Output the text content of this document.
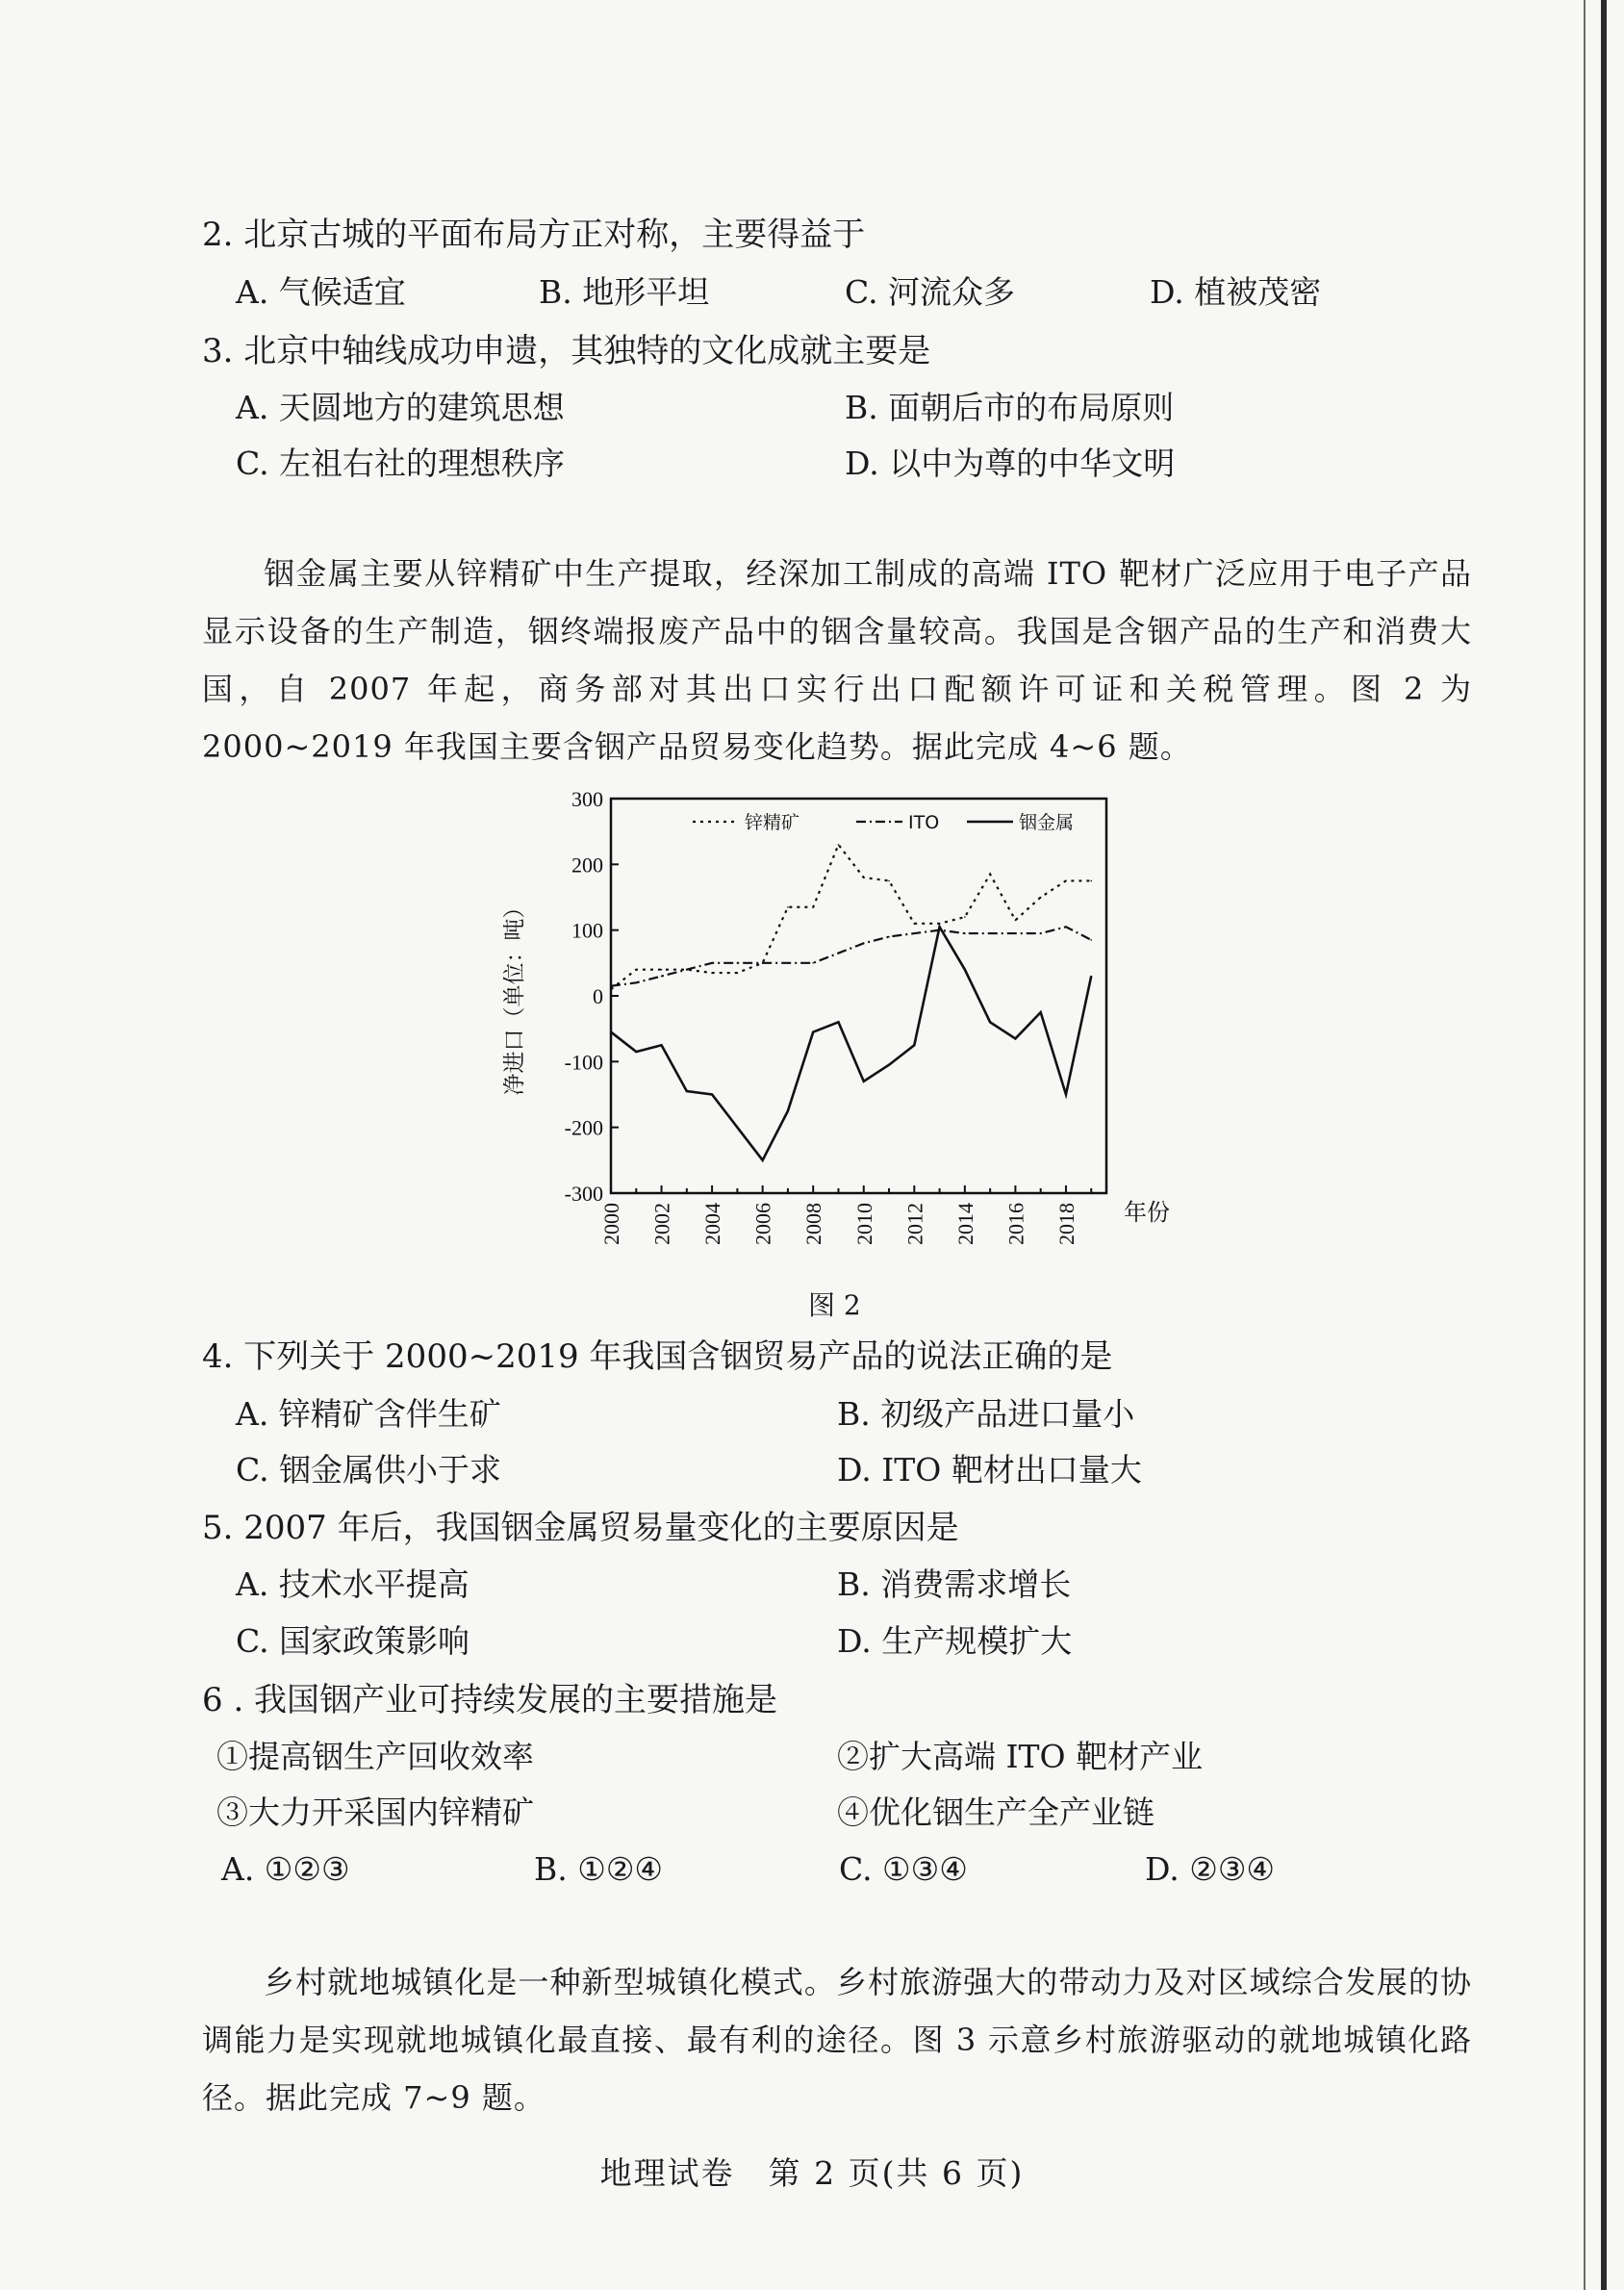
2. 北京古城的平面布局方正对称，主要得益于
A. 气候适宜	B. 地形平坦	C. 河流众多	D. 植被茂密
3. 北京中轴线成功申遗，其独特的文化成就主要是
A. 天圆地方的建筑思想	B. 面朝后市的布局原则
C. 左祖右社的理想秩序	D. 以中为尊的中华文明
铟金属主要从锌精矿中生产提取，经深加工制成的高端 ITO 靶材广泛应用于电子产品显示设备的生产制造，铟终端报废产品中的铟含量较高。我国是含铟产品的生产和消费大国，自 2007 年起，商务部对其出口实行出口配额许可证和关税管理。图 2 为 2000~2019 年我国主要含铟产品贸易变化趋势。据此完成 4~6 题。
300
200
100
0
-100
-200
-300
2000 2002 2004 2006 2008 2010 2012 2014 2016 2018 年份
净进口（单位：吨）
锌精矿	ITO	铟金属
图 2
4. 下列关于 2000~2019 年我国含铟贸易产品的说法正确的是
A. 锌精矿含伴生矿	B. 初级产品进口量小
C. 铟金属供小于求	D. ITO 靶材出口量大
5. 2007 年后，我国铟金属贸易量变化的主要原因是
A. 技术水平提高	B. 消费需求增长
C. 国家政策影响	D. 生产规模扩大
6 . 我国铟产业可持续发展的主要措施是
①提高铟生产回收效率	②扩大高端 ITO 靶材产业
③大力开采国内锌精矿	④优化铟生产全产业链
A. ①②③	B. ①②④	C. ①③④	D. ②③④
乡村就地城镇化是一种新型城镇化模式。乡村旅游强大的带动力及对区域综合发展的协调能力是实现就地城镇化最直接、最有利的途径。图 3 示意乡村旅游驱动的就地城镇化路径。据此完成 7~9 题。
地理试卷　第 2 页(共 6 页)
